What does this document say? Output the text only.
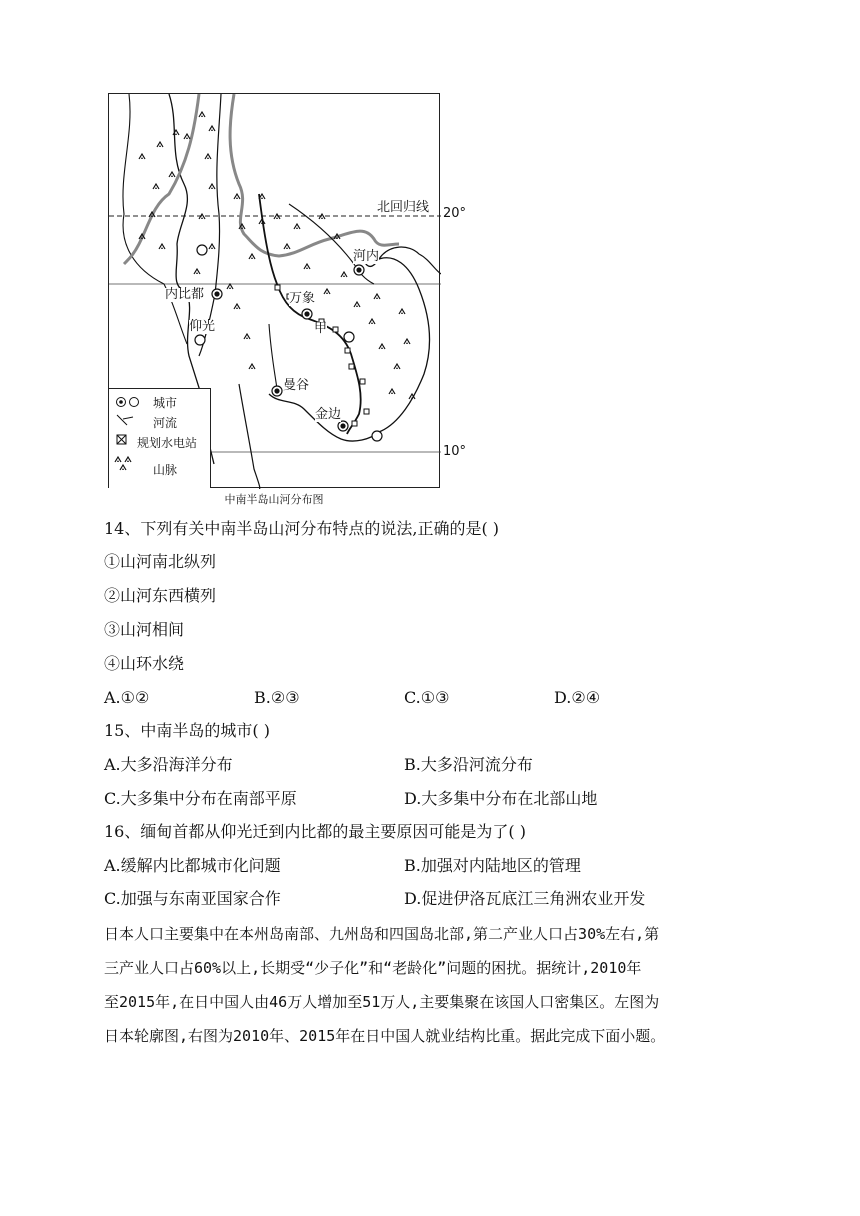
内比都
仰光
万象
河内
曼谷
金边
甲
城市
河流
规划水电站
山脉
中南半岛山河分布图
北回归线 20°
10°
14、下列有关中南半岛山河分布特点的说法,正确的是( )
①山河南北纵列
②山河东西横列
③山河相间
④山环水绕
A.①②	B.②③	C.①③	D.②④
15、中南半岛的城市( )
A.大多沿海洋分布	B.大多沿河流分布
C.大多集中分布在南部平原	D.大多集中分布在北部山地
16、缅甸首都从仰光迁到内比都的最主要原因可能是为了( )
A.缓解内比都城市化问题	B.加强对内陆地区的管理
C.加强与东南亚国家合作	D.促进伊洛瓦底江三角洲农业开发
日本人口主要集中在本州岛南部、九州岛和四国岛北部,第二产业人口占30%左右,第
三产业人口占60%以上,长期受“少子化”和“老龄化”问题的困扰。据统计,2010年
至2015年,在日中国人由46万人增加至51万人,主要集聚在该国人口密集区。左图为
日本轮廓图,右图为2010年、2015年在日中国人就业结构比重。据此完成下面小题。
